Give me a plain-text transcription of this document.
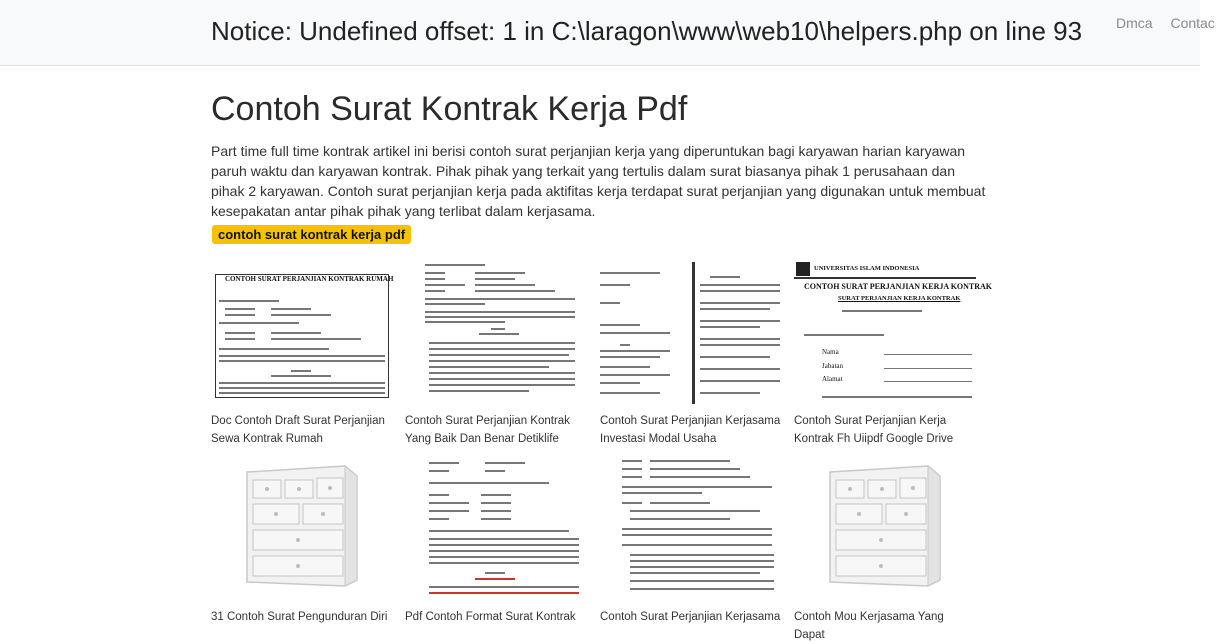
Notice: Undefined offset: 1 in C:\laragon\www\web10\helpers.php on line 93 Dmca Contac
Contoh Surat Kontrak Kerja Pdf

Part time full time kontrak artikel ini berisi contoh surat perjanjian kerja yang diperuntukan bagi karyawan harian karyawan paruh waktu dan karyawan kontrak. Pihak pihak yang terkait yang tertulis dalam surat biasanya pihak 1 perusahaan dan pihak 2 karyawan. Contoh surat perjanjian kerja pada aktifitas kerja terdapat surat perjanjian yang digunakan untuk membuat kesepakatan antar pihak pihak yang terlibat dalam kerjasama.

contoh surat kontrak kerja pdf
CONTOH SURAT PERJANJIAN KONTRAK RUMAH
Doc Contoh Draft Surat Perjanjian Sewa Kontrak Rumah
Contoh Surat Perjanjian Kontrak Yang Baik Dan Benar Detiklife
Contoh Surat Perjanjian Kerjasama Investasi Modal Usaha
UNIVERSITAS ISLAM INDONESIA
CONTOH SURAT PERJANJIAN KERJA KONTRAK
SURAT PERJANJIAN KERJA KONTRAK
Nama
Jabatan
Alamat
Contoh Surat Perjanjian Kerja Kontrak Fh Uiipdf Google Drive
31 Contoh Surat Pengunduran Diri	Pdf Contoh Format Surat Kontrak	Contoh Surat Perjanjian Kerjasama Contoh Mou Kerjasama Yang Dapat
